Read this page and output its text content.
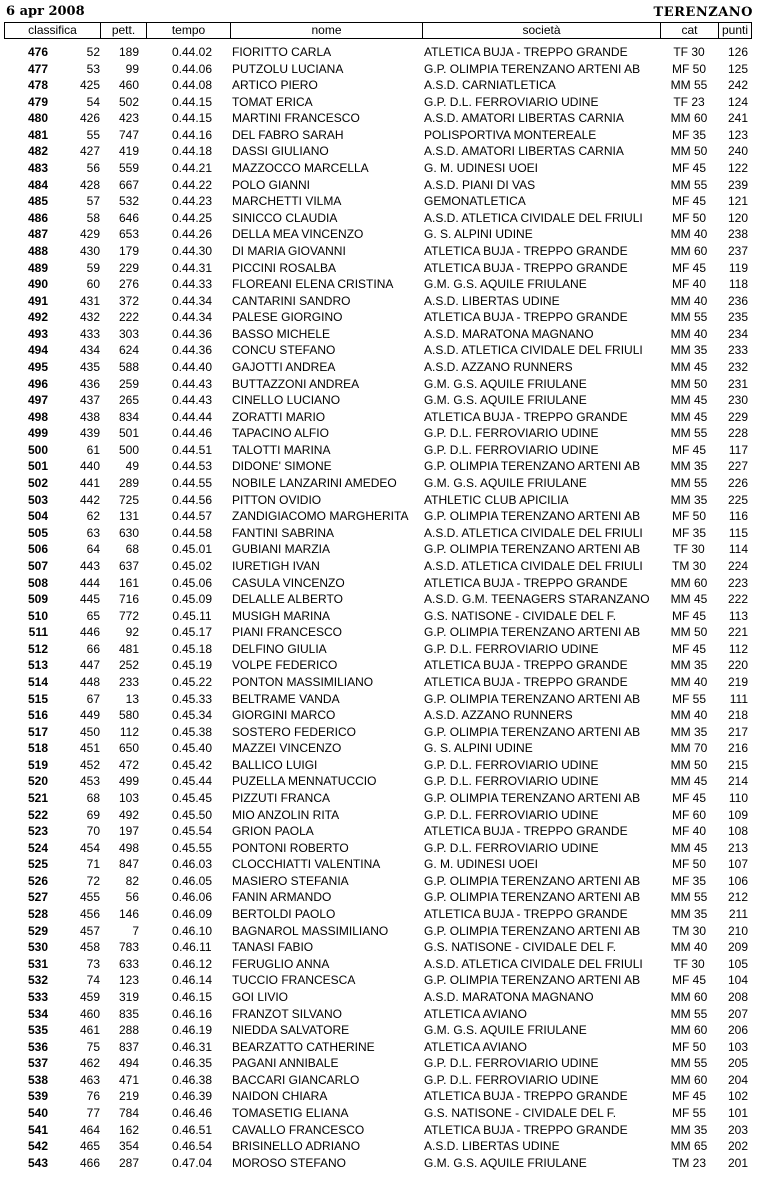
6 apr 2008	TERENZANO
classifica	pett.	tempo	nome	società	cat	punti
476	52	189	0.44.02	FIORITTO CARLA	ATLETICA BUJA - TREPPO GRANDE	TF 30	126
477	53	99	0.44.06	PUTZOLU LUCIANA	G.P. OLIMPIA TERENZANO ARTENI AB	MF 50	125
478	425	460	0.44.08	ARTICO PIERO	A.S.D. CARNIATLETICA	MM 55	242
479	54	502	0.44.15	TOMAT ERICA	G.P. D.L. FERROVIARIO UDINE	TF 23	124
480	426	423	0.44.15	MARTINI FRANCESCO	A.S.D. AMATORI LIBERTAS CARNIA	MM 60	241
481	55	747	0.44.16	DEL FABRO SARAH	POLISPORTIVA MONTEREALE	MF 35	123
482	427	419	0.44.18	DASSI GIULIANO	A.S.D. AMATORI LIBERTAS CARNIA	MM 50	240
483	56	559	0.44.21	MAZZOCCO MARCELLA	G. M. UDINESI UOEI	MF 45	122
484	428	667	0.44.22	POLO GIANNI	A.S.D. PIANI DI VAS	MM 55	239
485	57	532	0.44.23	MARCHETTI VILMA	GEMONATLETICA	MF 45	121
486	58	646	0.44.25	SINICCO CLAUDIA	A.S.D. ATLETICA CIVIDALE DEL FRIULI	MF 50	120
487	429	653	0.44.26	DELLA MEA VINCENZO	G. S. ALPINI UDINE	MM 40	238
488	430	179	0.44.30	DI MARIA GIOVANNI	ATLETICA BUJA - TREPPO GRANDE	MM 60	237
489	59	229	0.44.31	PICCINI ROSALBA	ATLETICA BUJA - TREPPO GRANDE	MF 45	119
490	60	276	0.44.33	FLOREANI ELENA CRISTINA	G.M. G.S. AQUILE FRIULANE	MF 40	118
491	431	372	0.44.34	CANTARINI SANDRO	A.S.D. LIBERTAS UDINE	MM 40	236
492	432	222	0.44.34	PALESE GIORGINO	ATLETICA BUJA - TREPPO GRANDE	MM 55	235
493	433	303	0.44.36	BASSO MICHELE	A.S.D. MARATONA MAGNANO	MM 40	234
494	434	624	0.44.36	CONCU STEFANO	A.S.D. ATLETICA CIVIDALE DEL FRIULI	MM 35	233
495	435	588	0.44.40	GAJOTTI ANDREA	A.S.D. AZZANO RUNNERS	MM 45	232
496	436	259	0.44.43	BUTTAZZONI ANDREA	G.M. G.S. AQUILE FRIULANE	MM 50	231
497	437	265	0.44.43	CINELLO LUCIANO	G.M. G.S. AQUILE FRIULANE	MM 45	230
498	438	834	0.44.44	ZORATTI MARIO	ATLETICA BUJA - TREPPO GRANDE	MM 45	229
499	439	501	0.44.46	TAPACINO ALFIO	G.P. D.L. FERROVIARIO UDINE	MM 55	228
500	61	500	0.44.51	TALOTTI MARINA	G.P. D.L. FERROVIARIO UDINE	MF 45	117
501	440	49	0.44.53	DIDONE' SIMONE	G.P. OLIMPIA TERENZANO ARTENI AB	MM 35	227
502	441	289	0.44.55	NOBILE LANZARINI AMEDEO	G.M. G.S. AQUILE FRIULANE	MM 55	226
503	442	725	0.44.56	PITTON OVIDIO	ATHLETIC CLUB APICILIA	MM 35	225
504	62	131	0.44.57	ZANDIGIACOMO MARGHERITA	G.P. OLIMPIA TERENZANO ARTENI AB	MF 50	116
505	63	630	0.44.58	FANTINI SABRINA	A.S.D. ATLETICA CIVIDALE DEL FRIULI	MF 35	115
506	64	68	0.45.01	GUBIANI MARZIA	G.P. OLIMPIA TERENZANO ARTENI AB	TF 30	114
507	443	637	0.45.02	IURETIGH IVAN	A.S.D. ATLETICA CIVIDALE DEL FRIULI	TM 30	224
508	444	161	0.45.06	CASULA VINCENZO	ATLETICA BUJA - TREPPO GRANDE	MM 60	223
509	445	716	0.45.09	DELALLE ALBERTO	A.S.D. G.M. TEENAGERS STARANZANO	MM 45	222
510	65	772	0.45.11	MUSIGH MARINA	G.S. NATISONE - CIVIDALE DEL F.	MF 45	113
511	446	92	0.45.17	PIANI FRANCESCO	G.P. OLIMPIA TERENZANO ARTENI AB	MM 50	221
512	66	481	0.45.18	DELFINO GIULIA	G.P. D.L. FERROVIARIO UDINE	MF 45	112
513	447	252	0.45.19	VOLPE FEDERICO	ATLETICA BUJA - TREPPO GRANDE	MM 35	220
514	448	233	0.45.22	PONTON MASSIMILIANO	ATLETICA BUJA - TREPPO GRANDE	MM 40	219
515	67	13	0.45.33	BELTRAME VANDA	G.P. OLIMPIA TERENZANO ARTENI AB	MF 55	111
516	449	580	0.45.34	GIORGINI MARCO	A.S.D. AZZANO RUNNERS	MM 40	218
517	450	112	0.45.38	SOSTERO FEDERICO	G.P. OLIMPIA TERENZANO ARTENI AB	MM 35	217
518	451	650	0.45.40	MAZZEI VINCENZO	G. S. ALPINI UDINE	MM 70	216
519	452	472	0.45.42	BALLICO LUIGI	G.P. D.L. FERROVIARIO UDINE	MM 50	215
520	453	499	0.45.44	PUZELLA MENNATUCCIO	G.P. D.L. FERROVIARIO UDINE	MM 45	214
521	68	103	0.45.45	PIZZUTI FRANCA	G.P. OLIMPIA TERENZANO ARTENI AB	MF 45	110
522	69	492	0.45.50	MIO ANZOLIN RITA	G.P. D.L. FERROVIARIO UDINE	MF 60	109
523	70	197	0.45.54	GRION PAOLA	ATLETICA BUJA - TREPPO GRANDE	MF 40	108
524	454	498	0.45.55	PONTONI ROBERTO	G.P. D.L. FERROVIARIO UDINE	MM 45	213
525	71	847	0.46.03	CLOCCHIATTI VALENTINA	G. M. UDINESI UOEI	MF 50	107
526	72	82	0.46.05	MASIERO STEFANIA	G.P. OLIMPIA TERENZANO ARTENI AB	MF 35	106
527	455	56	0.46.06	FANIN ARMANDO	G.P. OLIMPIA TERENZANO ARTENI AB	MM 55	212
528	456	146	0.46.09	BERTOLDI PAOLO	ATLETICA BUJA - TREPPO GRANDE	MM 35	211
529	457	7	0.46.10	BAGNAROL MASSIMILIANO	G.P. OLIMPIA TERENZANO ARTENI AB	TM 30	210
530	458	783	0.46.11	TANASI FABIO	G.S. NATISONE - CIVIDALE DEL F.	MM 40	209
531	73	633	0.46.12	FERUGLIO ANNA	A.S.D. ATLETICA CIVIDALE DEL FRIULI	TF 30	105
532	74	123	0.46.14	TUCCIO FRANCESCA	G.P. OLIMPIA TERENZANO ARTENI AB	MF 45	104
533	459	319	0.46.15	GOI LIVIO	A.S.D. MARATONA MAGNANO	MM 60	208
534	460	835	0.46.16	FRANZOT SILVANO	ATLETICA AVIANO	MM 55	207
535	461	288	0.46.19	NIEDDA SALVATORE	G.M. G.S. AQUILE FRIULANE	MM 60	206
536	75	837	0.46.31	BEARZATTO CATHERINE	ATLETICA AVIANO	MF 50	103
537	462	494	0.46.35	PAGANI ANNIBALE	G.P. D.L. FERROVIARIO UDINE	MM 55	205
538	463	471	0.46.38	BACCARI GIANCARLO	G.P. D.L. FERROVIARIO UDINE	MM 60	204
539	76	219	0.46.39	NAIDON CHIARA	ATLETICA BUJA - TREPPO GRANDE	MF 45	102
540	77	784	0.46.46	TOMASETIG ELIANA	G.S. NATISONE - CIVIDALE DEL F.	MF 55	101
541	464	162	0.46.51	CAVALLO FRANCESCO	ATLETICA BUJA - TREPPO GRANDE	MM 35	203
542	465	354	0.46.54	BRISINELLO ADRIANO	A.S.D. LIBERTAS UDINE	MM 65	202
543	466	287	0.47.04	MOROSO STEFANO	G.M. G.S. AQUILE FRIULANE	TM 23	201
